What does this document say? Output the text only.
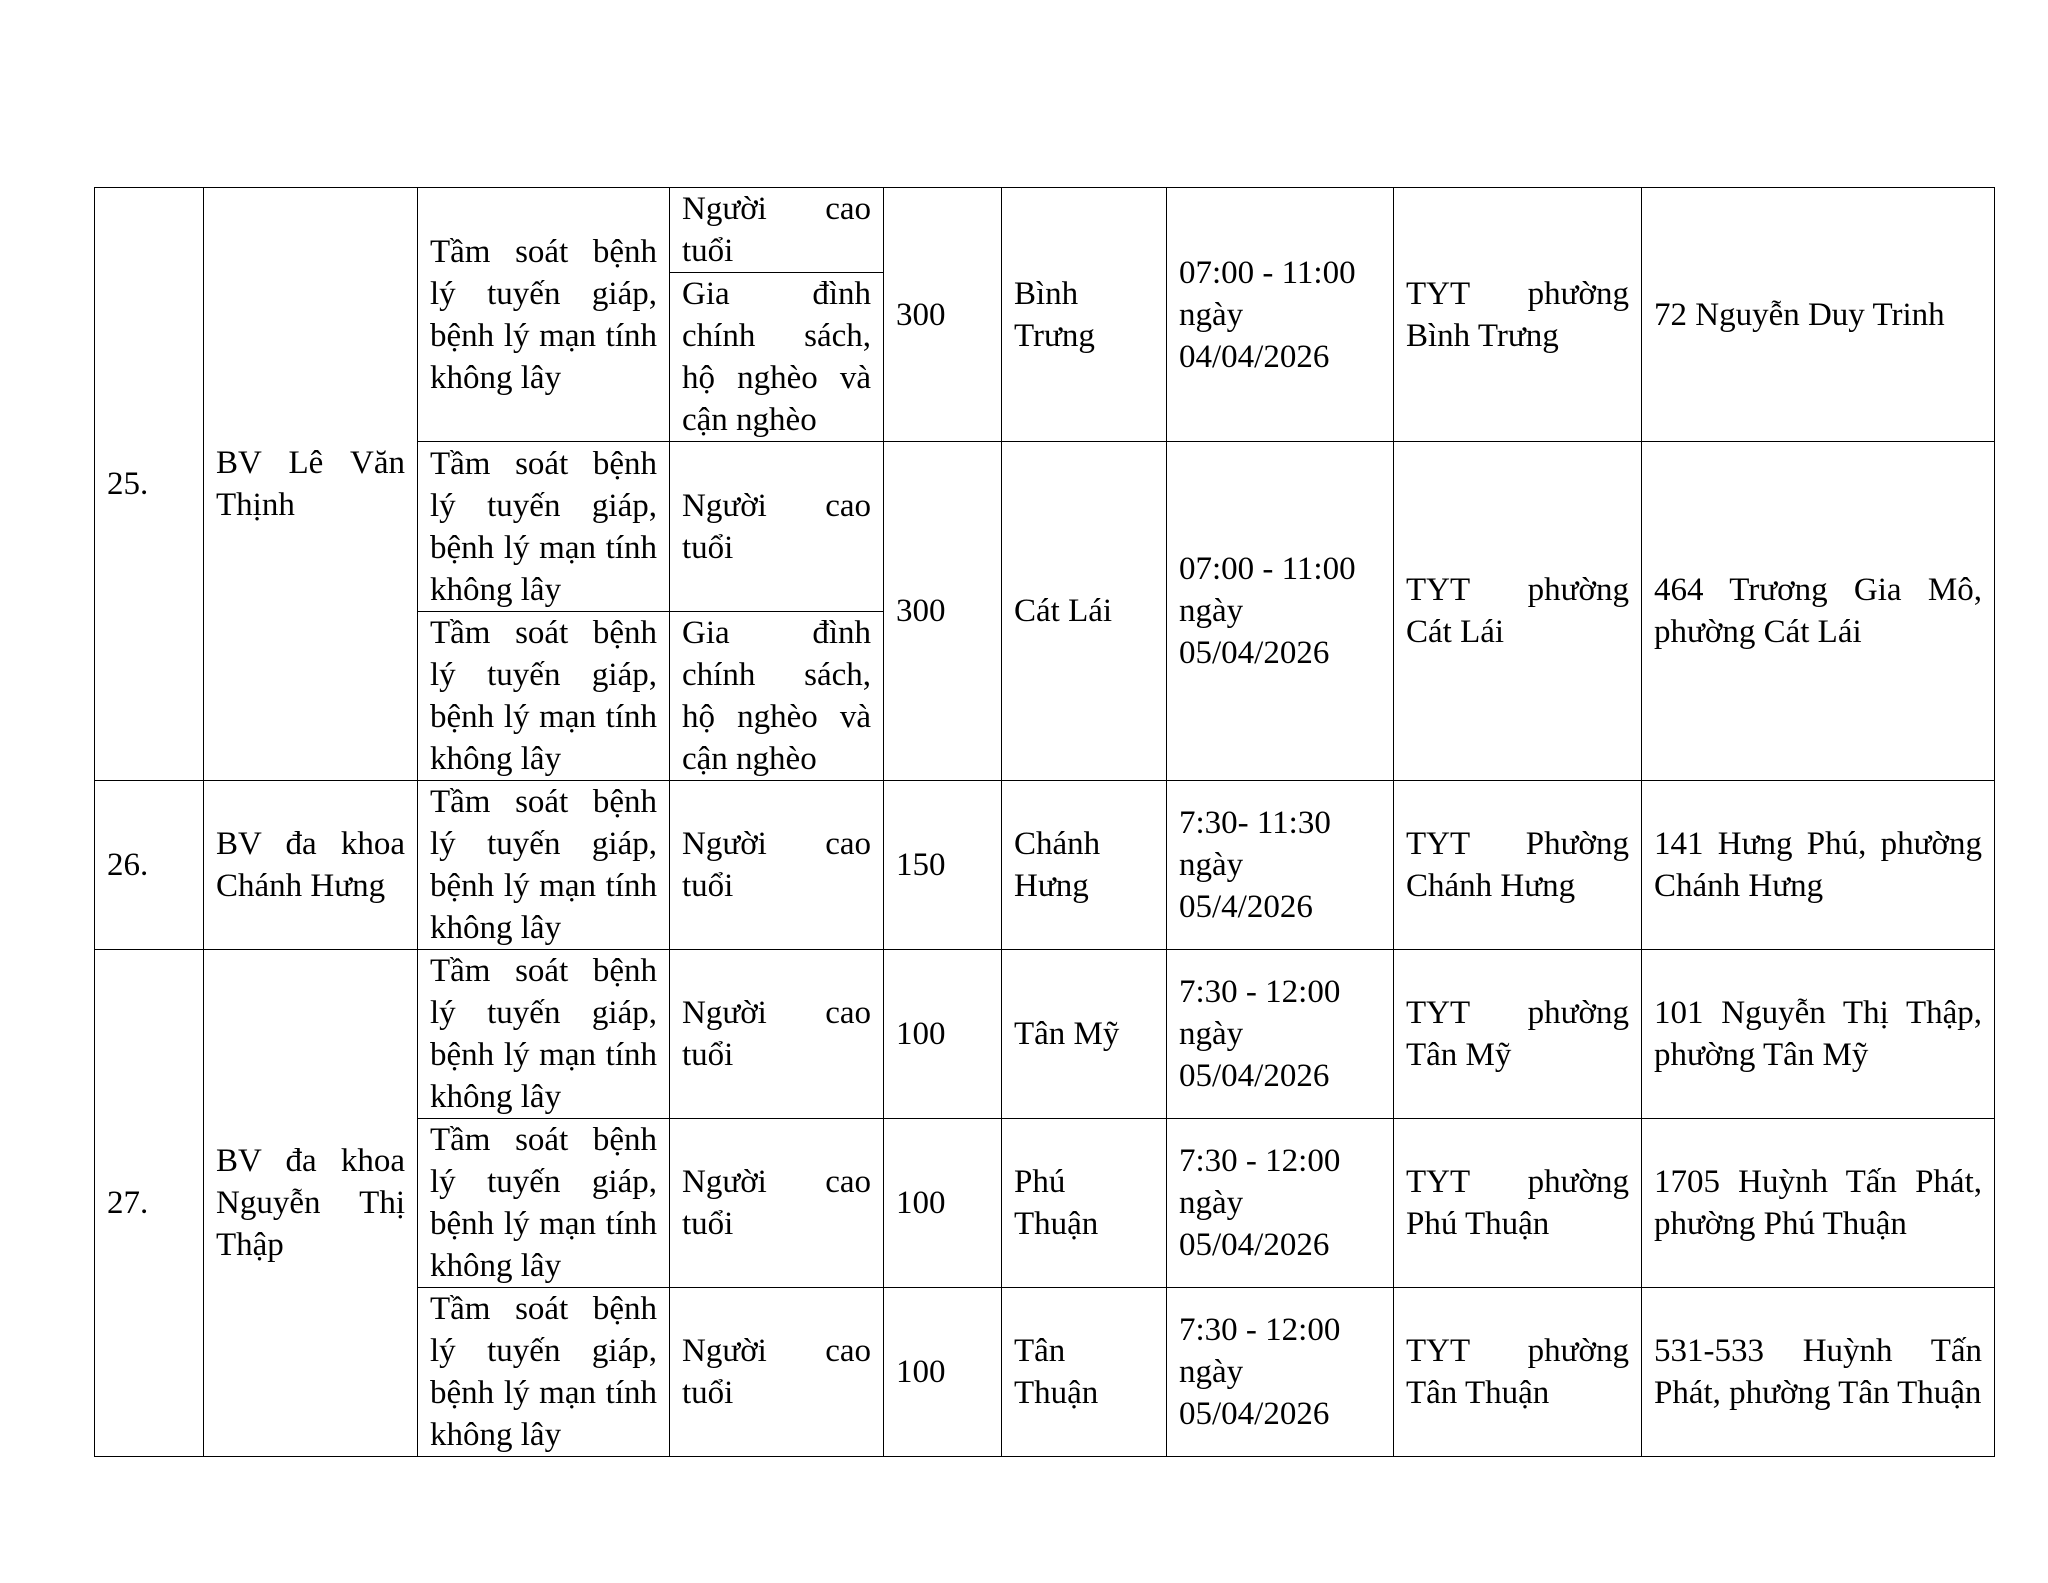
25.	BV Lê Văn Thịnh	Tầm soát bệnh lý tuyến giáp, bệnh lý mạn tính không lây	Người cao tuổi	300	Bình Trưng	07:00 - 11:00 ngày 04/04/2026	TYT phường Bình Trưng	72 Nguyễn Duy Trinh
			Gia đình chính sách, hộ nghèo và cận nghèo					
		Tầm soát bệnh lý tuyến giáp, bệnh lý mạn tính không lây	Người cao tuổi	300	Cát Lái	07:00 - 11:00 ngày 05/04/2026	TYT phường Cát Lái	464 Trương Gia Mô, phường Cát Lái

		Tầm soát bệnh lý tuyến giáp, bệnh lý mạn tính không lây	Gia đình chính sách, hộ nghèo và cận nghèo					

26.	BV đa khoa Chánh Hưng	Tầm soát bệnh lý tuyến giáp, bệnh lý mạn tính không lây	Người cao tuổi	150	Chánh Hưng	7:30- 11:30 ngày 05/4/2026	TYT Phường Chánh Hưng	141 Hưng Phú, phường Chánh Hưng
27.	BV đa khoa Nguyễn Thị Thập	Tầm soát bệnh lý tuyến giáp, bệnh lý mạn tính không lây	Người cao tuổi	100	Tân Mỹ	7:30 - 12:00 ngày 05/04/2026	TYT phường Tân Mỹ	101 Nguyễn Thị Thập, phường Tân Mỹ
		Tầm soát bệnh lý tuyến giáp, bệnh lý mạn tính không lây	Người cao tuổi	100	Phú Thuận	7:30 - 12:00 ngày 05/04/2026	TYT phường Phú Thuận	1705 Huỳnh Tấn Phát, phường Phú Thuận
		Tầm soát bệnh lý tuyến giáp, bệnh lý mạn tính không lây	Người cao tuổi	100	Tân Thuận	7:30 - 12:00 ngày 05/04/2026	TYT phường Tân Thuận	531-533 Huỳnh Tấn Phát, phường Tân Thuận
